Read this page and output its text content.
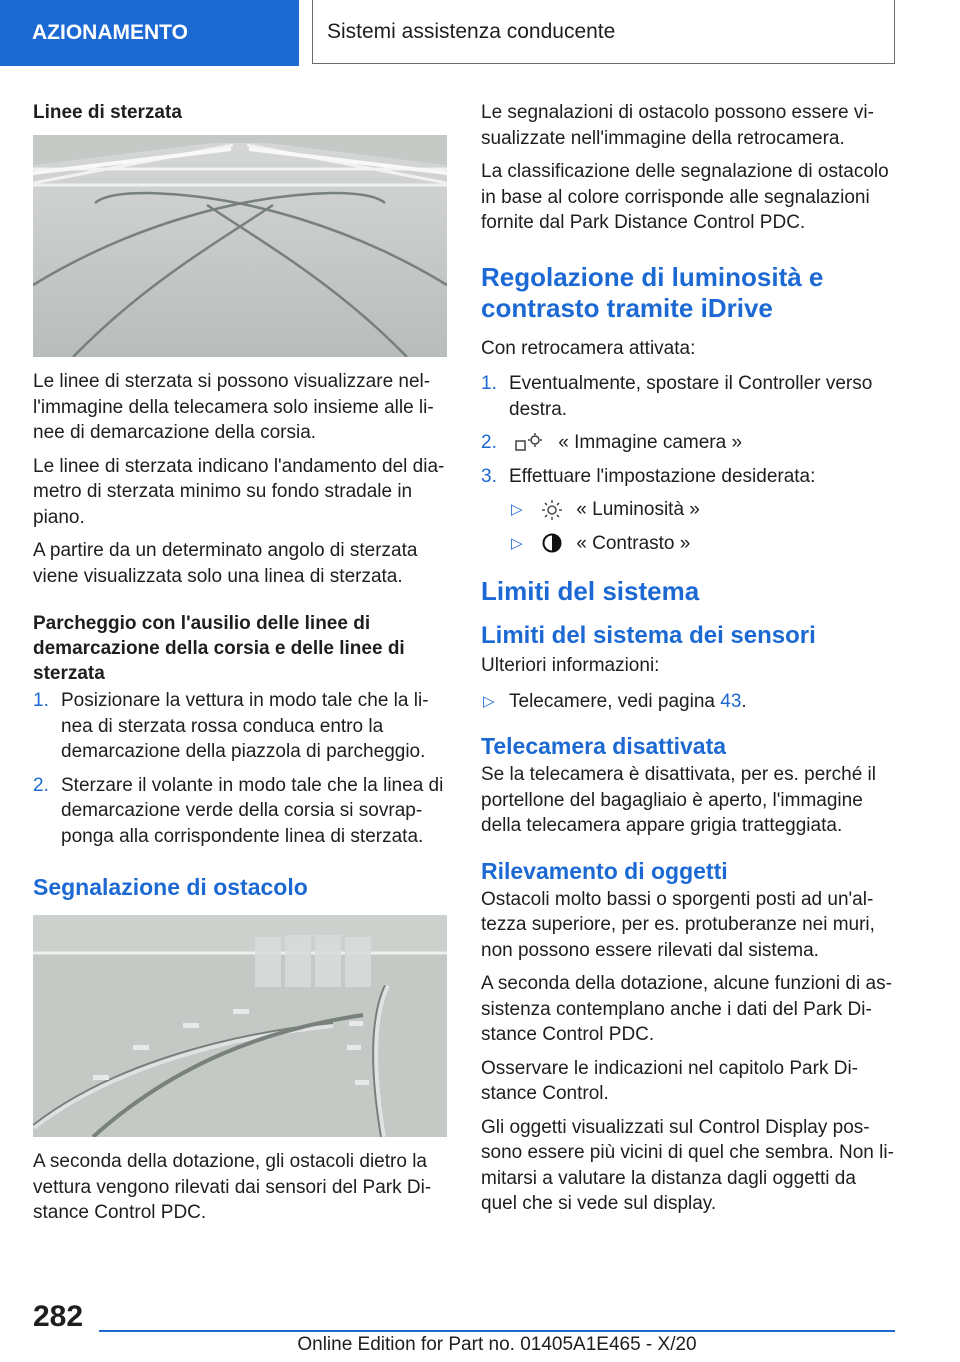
AZIONAMENTO	Sistemi assistenza conducente
Linee di sterzata

Le linee di sterzata si possono visualizzare nell'immagine della telecamera solo insieme alle linee di demarcazione della corsia.

Le linee di sterzata indicano l'andamento del diametro di sterzata minimo su fondo stradale in piano.

A partire da un determinato angolo di sterzata viene visualizzata solo una linea di sterzata.

Parcheggio con l'ausilio delle linee di demarcazione della corsia e delle linee di sterzata
1. Posizionare la vettura in modo tale che la linea di sterzata rossa conduca entro la demarcazione della piazzola di parcheggio.
2. Sterzare il volante in modo tale che la linea di demarcazione verde della corsia si sovrapponga alla corrispondente linea di sterzata.
Segnalazione di ostacolo

A seconda della dotazione, gli ostacoli dietro la vettura vengono rilevati dai sensori del Park Distance Control PDC.

Le segnalazioni di ostacolo possono essere visualizzate nell'immagine della retrocamera.

La classificazione delle segnalazione di ostacolo in base al colore corrisponde alle segnalazioni fornite dal Park Distance Control PDC.

Regolazione di luminosità e contrasto tramite iDrive

Con retrocamera attivata:

1. Eventualmente, spostare il Controller verso destra.
2.	« Immagine camera »
3. Effettuare l'impostazione desiderata:
▷	« Luminosità »
▷	« Contrasto »
Limiti del sistema
Limiti del sistema dei sensori

Ulteriori informazioni:

▷ Telecamere, vedi pagina 43.
Telecamera disattivata

Se la telecamera è disattivata, per es. perché il portellone del bagagliaio è aperto, l'immagine della telecamera appare grigia tratteggiata.

Rilevamento di oggetti

Ostacoli molto bassi o sporgenti posti ad un'altezza superiore, per es. protuberanze nei muri, non possono essere rilevati dal sistema.

A seconda della dotazione, alcune funzioni di assistenza contemplano anche i dati del Park Distance Control PDC.

Osservare le indicazioni nel capitolo Park Distance Control.

Gli oggetti visualizzati sul Control Display possono essere più vicini di quel che sembra. Non limitarsi a valutare la distanza dagli oggetti da quel che si vede sul display.

282
Online Edition for Part no. 01405A1E465 - X/20
